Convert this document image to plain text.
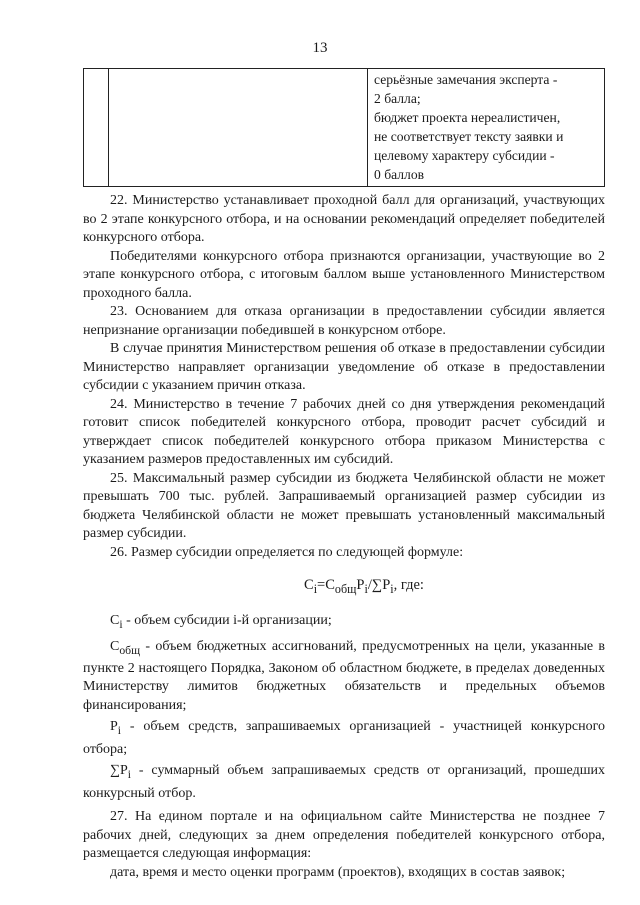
13

серьёзные замечания эксперта -
2 балла;
бюджет проекта нереалистичен,
не соответствует тексту заявки и
целевому характеру субсидии -
0 баллов

22. Министерство устанавливает проходной балл для организаций, участвующих во 2 этапе конкурсного отбора, и на основании рекомендаций определяет победителей конкурсного отбора.

Победителями конкурсного отбора признаются организации, участвующие во 2 этапе конкурсного отбора, с итоговым баллом выше установленного Министерством проходного балла.

23. Основанием для отказа организации в предоставлении субсидии является непризнание организации победившей в конкурсном отборе.

В случае принятия Министерством решения об отказе в предоставлении субсидии Министерство направляет организации уведомление об отказе в предоставлении субсидии с указанием причин отказа.

24. Министерство в течение 7 рабочих дней со дня утверждения рекомендаций готовит список победителей конкурсного отбора, проводит расчет субсидий и утверждает список победителей конкурсного отбора приказом Министерства с указанием размеров предоставленных им субсидий.

25. Максимальный размер субсидии из бюджета Челябинской области не может превышать 700 тыс. рублей. Запрашиваемый организацией размер субсидии из бюджета Челябинской области не может превышать установленный максимальный размер субсидии.

26. Размер субсидии определяется по следующей формуле:

$C_i=C_{общ}P_i/\sum P_i$, где:

$C_i$ - объем субсидии i-й организации;

$C_{общ}$ - объем бюджетных ассигнований, предусмотренных на цели, указанные в пункте 2 настоящего Порядка, Законом об областном бюджете, в пределах доведенных Министерству лимитов бюджетных обязательств и предельных объемов финансирования;

$P_i$ - объем средств, запрашиваемых организацией - участницей конкурсного отбора;

$\sum P_i$ - суммарный объем запрашиваемых средств от организаций, прошедших конкурсный отбор.

27. На едином портале и на официальном сайте Министерства не позднее 7 рабочих дней, следующих за днем определения победителей конкурсного отбора, размещается следующая информация:

дата, время и место оценки программ (проектов), входящих в состав заявок;
